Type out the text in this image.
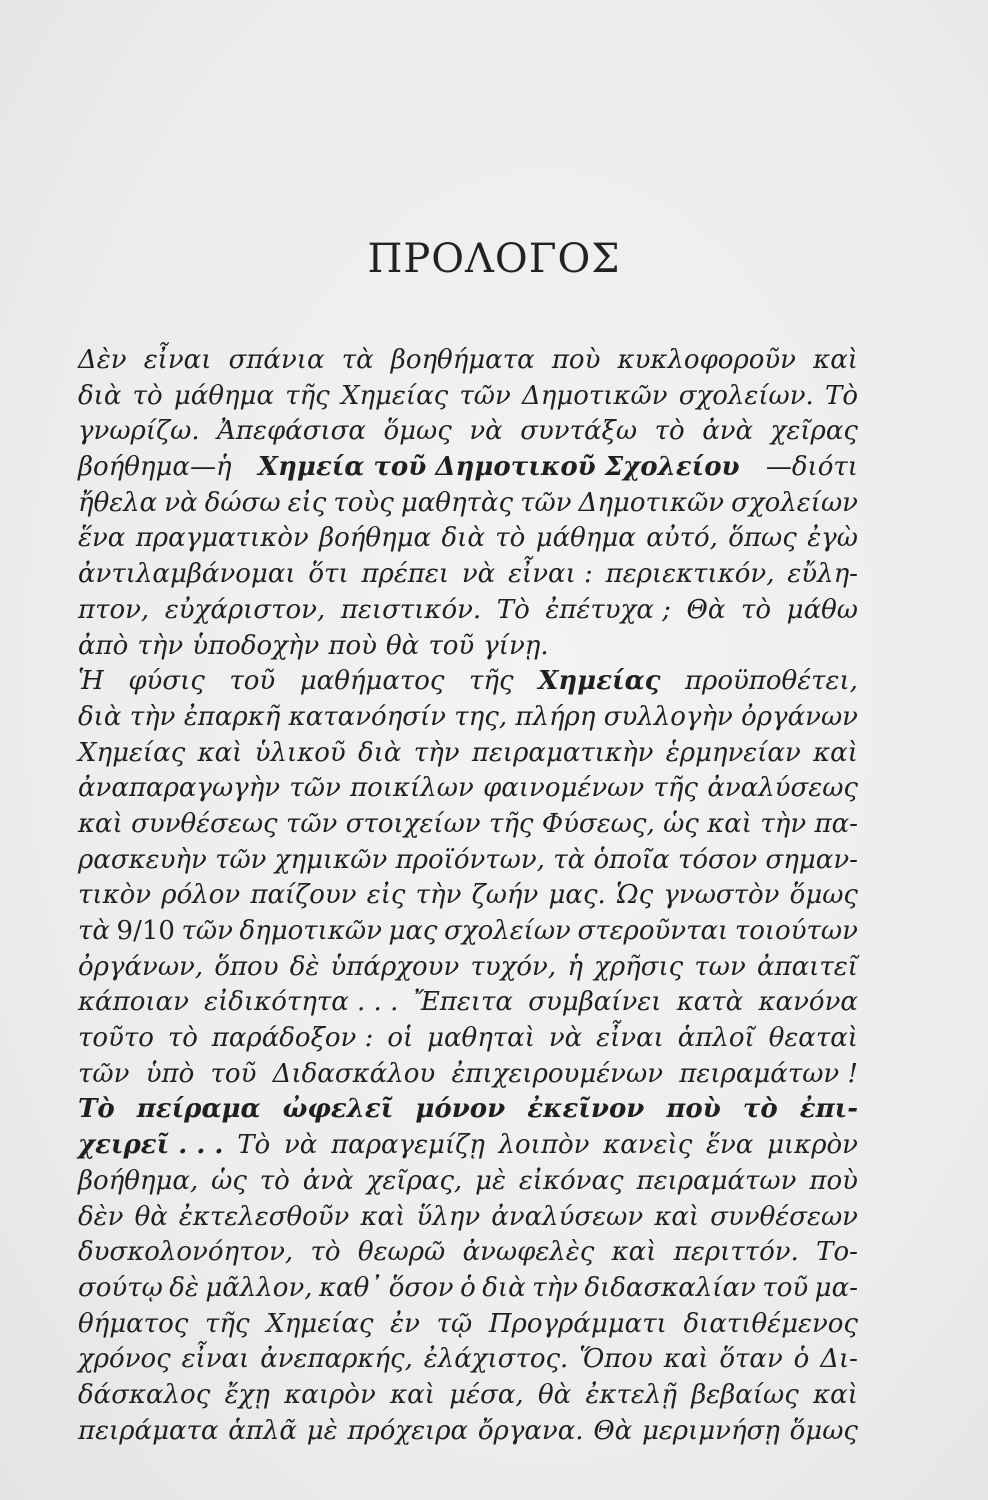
ΠΡΟΛΟΓΟΣ
Δὲν εἶναι σπάνια τὰ βοηθήματα ποὺ κυκλοφοροῦν καὶ
διὰ τὸ μάθημα τῆς Χημείας τῶν Δημοτικῶν σχολείων. Τὸ
γνωρίζω. Ἀπεφάσισα ὅμως νὰ συντάξω τὸ ἀνὰ χεῖρας
βοήθημα—ἡ Χημεία τοῦ Δημοτικοῦ Σχολείου —διότι
ἤθελα νὰ δώσω εἰς τοὺς μαθητὰς τῶν Δημοτικῶν σχολείων
ἕνα πραγματικὸν βοήθημα διὰ τὸ μάθημα αὐτό, ὅπως ἐγὼ
ἀντιλαμβάνομαι ὅτι πρέπει νὰ εἶναι : περιεκτικόν, εὔλη-
πτον, εὐχάριστον, πειστικόν. Τὸ ἐπέτυχα ; Θὰ τὸ μάθω
ἀπὸ τὴν ὑποδοχὴν ποὺ θὰ τοῦ γίνῃ.
Ἡ φύσις τοῦ μαθήματος τῆς Χημείας προϋποθέτει,
διὰ τὴν ἐπαρκῆ κατανόησίν της, πλήρη συλλογὴν ὀργάνων
Χημείας καὶ ὑλικοῦ διὰ τὴν πειραματικὴν ἑρμηνείαν καὶ
ἀναπαραγωγὴν τῶν ποικίλων φαινομένων τῆς ἀναλύσεως
καὶ συνθέσεως τῶν στοιχείων τῆς Φύσεως, ὡς καὶ τὴν πα-
ρασκευὴν τῶν χημικῶν προϊόντων, τὰ ὁποῖα τόσον σημαν-
τικὸν ρόλον παίζουν εἰς τὴν ζωήν μας. Ὡς γνωστὸν ὅμως
τὰ 9/10 τῶν δημοτικῶν μας σχολείων στεροῦνται τοιούτων
ὀργάνων, ὅπου δὲ ὑπάρχουν τυχόν, ἡ χρῆσις των ἀπαιτεῖ
κάποιαν εἰδικότητα . . . Ἔπειτα συμβαίνει κατὰ κανόνα
τοῦτο τὸ παράδοξον : οἱ μαθηταὶ νὰ εἶναι ἁπλοῖ θεαταὶ
τῶν ὑπὸ τοῦ Διδασκάλου ἐπιχειρουμένων πειραμάτων !
Τὸ πείραμα ὠφελεῖ μόνον ἐκεῖνον ποὺ τὸ ἐπι-
χειρεῖ . . . Τὸ νὰ παραγεμίζῃ λοιπὸν κανεὶς ἕνα μικρὸν
βοήθημα, ὡς τὸ ἀνὰ χεῖρας, μὲ εἰκόνας πειραμάτων ποὺ
δὲν θὰ ἐκτελεσθοῦν καὶ ὕλην ἀναλύσεων καὶ συνθέσεων
δυσκολονόητον, τὸ θεωρῶ ἀνωφελὲς καὶ περιττόν. Το-
σούτῳ δὲ μᾶλλον, καθ᾽ ὅσον ὁ διὰ τὴν διδασκαλίαν τοῦ μα-
θήματος τῆς Χημείας ἐν τῷ Προγράμματι διατιθέμενος
χρόνος εἶναι ἀνεπαρκής, ἐλάχιστος. Ὅπου καὶ ὅταν ὁ Δι-
δάσκαλος ἔχῃ καιρὸν καὶ μέσα, θὰ ἐκτελῇ βεβαίως καὶ
πειράματα ἁπλᾶ μὲ πρόχειρα ὄργανα. Θὰ μεριμνήσῃ ὅμως
